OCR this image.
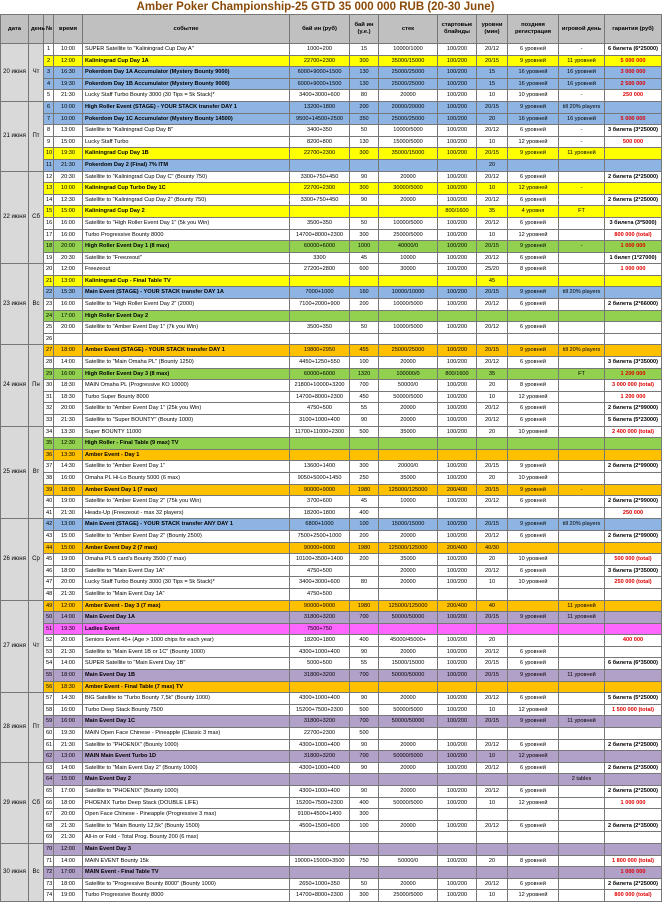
Amber Poker Championship-25 GTD 35 000 000 RUB (20-30 June)
дата	день	№	время	событие	бай ин (руб)	бай ин (у.е.)	стек	стартовые блайнды	уровни (мин)	поздняя регистрация	игровой день	гарантия (руб)
20 июня	Чт	1	10:00	SUPER Satellite to "Kaliningrad Cup Day A"	1000+200	15	10000/1000	100/200	20/12	6 уровней	-	6 билета (6*25000)
		2	12:00	Kaliningrad Cup Day 1A	22700+2300	300	35000/15000	100/200	20/15	9 уровней	11 уровней	5 000 000
		3	16:30	Pokerdom Day 1A Accumulator (Mystery Bounty 9000)	6000+9000+1500	130	25000/25000	100/200	15	16 уровней	16 уровней	3 000 000
		4	19:30	Pokerdom Day 1B Accumulator (Mystery Bounty 9000)	6000+9000+1500	130	25000/25000	100/200	15	16 уровней	16 уровней	2 500 000
		5	21:30	Lucky Staff Turbo Bounty 3000 (30 Tips = 5k Stack)*	3400+3000+600	80	20000	100/200	10	10 уровней	-	250 000
21 июня	Пт	6	10:00	High Roller Event (STAGE) - YOUR STACK transfer DAY 1	13200+1800	200	20000/20000	100/200	20/15	9 уровней	till 20% players	
		7	10:00	Pokerdom Day 1C Accumulator (Mystery Bounty 14500)	9500+14500+2500	350	25000/25000	100/200	20	16 уровней	16 уровней	5 000 000
		8	13:00	Satellite to "Kaliningrad Cup Day B"	3400+350	50	10000/5000	100/200	20/12	6 уровней	-	3 билета (3*25000)
		9	15:00	Lucky Staff Turbo	8200+800	130	15000/5000	100/200	10	12 уровней	-	500 000
		10	19:30	Kaliningrad Cup Day 1B	22700+2300	300	35000/15000	100/200	20/15	9 уровней	11 уровней	
		11	21:30	Pokerdom Day 2 (Final) 7% ITM					20			
22 июня	Сб	12	20:30	Satellite to "Kaliningrad Cup Day C" (Bounty 750)	3300+750+450	90	20000	100/200	20/12	6 уровней		2 билета (2*25000)
		13	10:00	Kaliningrad Cup Turbo Day 1C	22700+2300	300	30000/5000	100/200	10	12 уровней	-	
		14	12:30	Satellite to "Kaliningrad Cup Day 2" (Bounty 750)	3300+750+450	90	20000	100/200	20/12	6 уровней		2 билета (2*25000)
		15	15:00	Kaliningrad Cup Day 2				800/1600	35	4 уровня	FT	
		16	16:00	Satellite to "High Roller Event Day 1" (5k you Win)	3500+350	50	10000/5000	100/200	20/12	6 уровней		3 билета (3*5000)
		17	16:00	Turbo Progressive Bounty 8000	14700+8000+2300	300	25000/5000	100/200	10	12 уровней		800 000 (total)
		18	20:00	High Roller Event Day 1 (8 max)	60000+6000	1000	40000/0	100/200	20/15	9 уровней	-	1 000 000
		19	20:30	Satellite to "Freezeout"	3300	45	10000	100/200	20/12	6 уровней		1 билет (1*27000)
23 июня	Вс	20	12:00	Freezeout	27200+2800	600	30000	100/200	25/20	8 уровней		1 000 000
		21	13:00	Kaliningrad Cup - Final Table TV					45			
		22	15:30	Main Event (STAGE) - YOUR STACK transfer DAY 1A	7000+1000	160	10000/10000	100/200	20/15	9 уровней	till 20% players	
		23	16:00	Satellite to "High Roller Event Day 2" (2000)	7100+2000+900	200	10000/5000	100/200	20/12	6 уровней		2 билета (2*66000)
		24	17:00	High Roller Event Day 2								
		25	20:00	Satellite to "Amber Event Day 1" (7k you Win)	3500+350	50	10000/5000	100/200	20/12	6 уровней		
		26										
24 июня	Пн	27	18:00	Amber Event (STAGE) - YOUR STACK transfer DAY 1	19800+2950	455	25000/25000	100/200	20/15	9 уровней	till 20% players	
		28	14:00	Satellite to "Main Omaha PL" (Bounty 1250)	4450+1250+550	100	20000	100/200	20/12	6 уровней		3 билета (3*35000)
		29	16:00	High Roller Event Day 3 (8 max)	60000+6000	1320	100000/0	800/1600	35		FT	1 200 000
		30	18:30	MAIN Omaha PL (Progressive KO 10000)	21800+10000+3200	700	50000/0	100/200	20	8 уровней		3 000 000 (total)
		31	18:30	Turbo Super Bounty 8000	14700+8000+2300	450	50000/5000	100/200	10	12 уровней		1 200 000
		32	20:00	Satellite to "Amber Event Day 1" (25k you Win)	4750+500	55	20000	100/200	20/12	6 уровней		2 билета (2*99000)
		33	21:30	Satellite to "Super BOUNTY" (Bounty 1000)	3100+1000+400	90	20000	100/200	20/12	6 уровней		5 билета (5*23000)
25 июня	Вт	34	13:30	Super BOUNTY 11000	11700+11000+2300	500	35000	100/200	20	10 уровней		2 400 000 (total)
		35	12:30	High Roller - Final Table (9 max) TV								
		36	13:30	Amber Event - Day 1								
		37	14:30	Satellite to "Amber Event Day 1"	13600+1400	300	20000/0	100/200	20/15	9 уровней		2 билета (2*99000)
		38	16:00	Omaha PL Hi-Lo Bounty 5000 (6 max)	9050+5000+1450	250	35000	100/200	20	10 уровней		
		39	18:00	Amber Event Day 1 (7 max)	90000+9000	1980	125000/125000	200/400	20/15	9 уровней	-	
		40	19:00	Satellite to "Amber Event Day 2" (75k you Win)	3700+600	45	10000	100/200	20/12	6 уровней		2 билета (2*99000)
		41	21:30	Heads-Up (Freezeout - max 32 players)	18200+1800	400						250 000
26 июня	Ср	42	13:00	Main Event (STAGE) - YOUR STACK transfer ANY DAY 1	6800+1000	100	15000/15000	100/200	20/15	9 уровней	till 20% players	
		43	15:00	Satellite to "Amber Event Day 2" (Bounty 2500)	7500+2500+1000	200	20000	100/200	20/12	6 уровней		2 билета (2*99000)
		44	15:00	Amber Event Day 2 (7 max)	90000+9000	1980	125000/125000	200/400	40/30			
		45	19:00	Omaha PL 5 card's Bounty 3500 (7 max)	10100+3500+1400	200	35000	100/200	20	10 уровней		500 000 (total)
		46	18:00	Satellite to "Main Event Day 1A"	4750+500		20000	100/200	20/12	6 уровней		3 билета (3*35000)
		47	20:00	Lucky Staff Turbo Bounty 3000 (30 Tips = 5k Stack)*	3400+3000+600	80	20000	100/200	10	10 уровней		250 000 (total)
		48	21:30	Satellite to "Main Event Day 1A"	4750+500							
27 июня	Чт	49	12:00	Amber Event - Day 3 (7 max)	90000+9000	1980	125000/125000	200/400	40		11 уровней	
		50	14:00	Main Event Day 1A	31800+3200	700	50000/50000	100/200	20/15	9 уровней	11 уровней	
		51	19:30	Ladies Event	7500+750							
		52	20:00	Seniors Event 45+ (Age > 1000 chips for each year)	18200+1800	400	45000/45000+	100/200	20			400 000
		53	21:30	Satellite to "Main Event 1B or 1C" (Bounty 1000)	4300+1000+400	90	20000	100/200	20/12	6 уровней		
		54	14:00	SUPER Satellite to "Main Event Day 1B"	5000+500	55	15000/15000	100/200	20/15	6 уровней		6 билета (6*35000)
		55	18:00	Main Event Day 1B	31800+3200	700	50000/50000	100/200	20/15	9 уровней	11 уровней	
		56	18:30	Amber Event - Final Table (7 max) TV								
28 июня	Пт	57	14:30	BIG Satellite to "Turbo Bounty 7,5k" (Bounty 1000)	4300+1000+400	90	20000	100/200	20/12	6 уровней		5 билета (5*25000)
		58	16:00	Turbo Deep Stack Bounty 7500	15200+7500+2300	500	50000/5000	100/200	10	12 уровней		1 500 000 (total)
		59	16:00	Main Event Day 1C	31800+3200	700	50000/50000	100/200	20/15	9 уровней	11 уровней	
		60	19:30	MAIN Open Face Chinese - Pineapple (Classic 3 max)	22700+2300	500						
		61	21:30	Satellite to "PHOENIX" (Bounty 1000)	4300+1000+400	90	20000	100/200	20/12	6 уровней		2 билета (2*25000)
		62	13:00	MAIN Main Event Turbo 1D	31800+3200	700	50000/5000	100/200	10	12 уровней		
29 июня	Сб	63	14:00	Satellite to "Main Event Day 2" (Bounty 1000)	4300+1000+400	90	20000	100/200	20/12	6 уровней		2 билета (2*35000)
		64	15:00	Main Event Day 2							2 tables	
		65	17:00	Satellite to "PHOENIX" (Bounty 1000)	4300+1000+400	90	20000	100/200	20/12	6 уровней		2 билета (2*25000)
		66	18:00	PHOENIX Turbo Deep Stack (DOUBLE LIFE)	15200+7500+2300	400	50000/5000	100/200	10	12 уровней		1 000 000
		67	20:00	Open Face Chinese - Pineapple (Progressive 3 max)	9100+4500+1400	300						
		68	21:30	Satellite to "Main Bounty 12,5k" (Bounty 1500)	4500+1500+600	100	20000	100/200	20/12	6 уровней		2 билета (2*35000)
		69	21:30	All-in or Fold - Total Prog. Bounty 200 (6 max)								
30 июня	Вс	70	12:00	Main Event Day 3								
		71	14:00	MAIN EVENT Bounty 15k	19000+15000+3500	750	50000/0	100/200	20	8 уровней		1 800 000 (total)
		72	17:00	MAIN Event - Final Table TV								1 000 000
		73	18:00	Satellite to "Progressive Bounty 8000" (Bounty 1000)	2650+1000+350	50	20000	100/200	20/12	6 уровней		2 билета (2*25000)
		74	19:00	Turbo Progressive Bounty 8000	14700+8000+2300	300	25000/5000	100/200	10	12 уровней		800 000 (total)
